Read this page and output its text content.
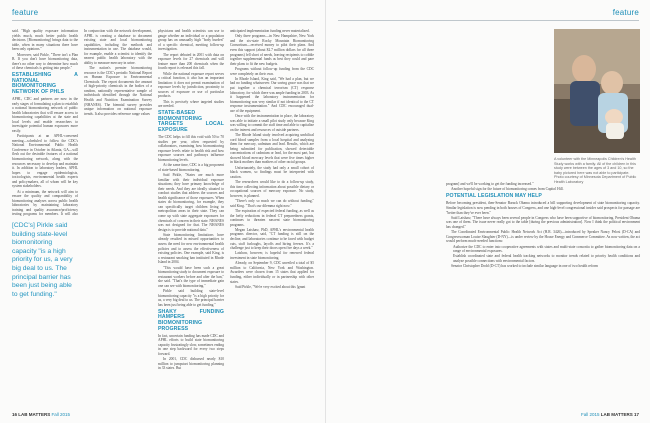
feature

said. "High quality exposure information yields much, much better public health decisions. [Biomonitoring] brings data to the table, when in many situations there have been only opinions."

Moreover, said Pirkle, "There isn't a Plan B. If you don't have biomonitoring data, there's no other way to determine how much of these chemicals is getting into people."

ESTABLISHING A NATIONAL BIOMONITORING NETWORK OF PHLS

APHL, CDC and partners are now in the early stages of formulating a plan to establish a national biomonitoring network of public health laboratories that will ensure access to biomonitoring capabilities at the state and local levels and enable researchers to investigate potential human exposures more easily.

Participants at an APHL-convened meeting—scheduled to follow the CDC's National Environmental Public Health Conference in October in Atlanta, GA—will flesh out the desirable features of a national biomonitoring network, along with the resources necessary to develop and maintain it. In addition to laboratory leaders, APHL hopes to engage epidemiologists, toxicologists, environmental health experts and policymakers, all of whom will be key system stakeholders.

At a minimum, the network will aim to ensure the quality and comparability of biomonitoring analyses across public health laboratories by maintaining laboratory training and quality assurance/proficiency testing programs for members. It will also

[CDC's] Pirkle said building state-level biomonitoring capacity "is a high priority for us, a very big deal to us. The principal barrier has been just being able to get funding."

In conjunction with the network development, APHL is creating a database to document existing state and local biomonitoring capabilities, including the methods and instrumentation in use. The database would, for example, enable a scientist to identify the nearest public health laboratory with the ability to measure mercury in urine.

The nation's premier biomonitoring resource is the CDC's periodic National Report on Human Exposure to Environmental Chemicals. The report documents the amount of high-priority chemicals in the bodies of a random, nationally representative sample of individuals identified through the National Health and Nutrition Examination Survey (NHANES). The biennial survey provides unique information on national exposure trends. It also provides reference range values

physicians and health scientists can use to gauge whether an individual or a population group has an unusually high "body burden" of a specific chemical, meriting follow-up investigation.

The report debuted in 2001 with data on exposure levels for 27 chemicals and will feature more than 200 chemicals when the fourth report is released this fall.

While the national exposure report serves a critical function, it also has an important limitation: it does not permit examination of exposure levels by jurisdiction, proximity to sources of exposure or use of particular products.

This is precisely where targeted studies are needed.

STATE-BASED BIOMONITORING TARGETS LOCAL EXPOSURE

The CDC helps to fill this void with 50 to 70 studies per year, often requested by collaborators, examining how biomonitoring exposure levels relate to health risk and how exposure sources and pathways influence biomonitoring levels.

At the same time, CDC is a big proponent of state-based biomonitoring.

Said Pirkle, "States are much more familiar with their individual exposure situations; they have primary knowledge of their needs. And they are ideally situated to conduct studies that address the sources and health significance of those exposures. When states do biomonitoring, for example, they can specifically target children living in metropolitan areas in their state. They can come up with state aggregate exposures for chemicals of concern in their state. NHANES was not designed for that. The NHANES design is to provide national data."

State biomonitoring limitations have already resulted in missed opportunities to assess the need for new environmental health policies and to assess the effectiveness of existing policies. One example, said King, is a restaurant smoking ban instituted in Rhode Island in 2004.

"This would have been such a great biomonitoring study to document exposure to restaurant workers before and after the ban," she said. "That's the type of immediate gain one can see with biomonitoring."

Pirkle said building state-level biomonitoring capacity "is a high priority for us, a very big deal to us. The principal barrier has been just being able to get funding."

SHAKY FUNDING HAMPERS BIOMONITORING PROGRESS

In fact, uncertain funding has made CDC and APHL efforts to build state biomonitoring capacity frustratingly slow, sometimes ending in one step backward for every two steps forward.

In 2001, CDC disbursed nearly $10 million to jumpstart biomonitoring planning in 33 states. But

anticipated implementation funding never materialized.

Only three programs—in New Hampshire, New York and the six-state Rocky Mountain Biomonitoring Consortium—received money to pilot their plans. And even this support (about $2.7 million dollars for all three programs) fell short of needs, leaving recipients to cobble together supplemental funds as best they could and pare their plans to fit the new budgets.

Programs without follow-up funding from the CDC were completely on their own.

In Rhode Island, King said, "We had a plan, but we had no funding whatsoever. Our saving grace was that we put together a chemical terrorism (CT) response laboratory, for which there was ample funding in 2003. As it happened the laboratory instrumentation for biomonitoring was very similar if not identical to the CT response instrumentation." And CDC encouraged dual-use of the equipment.

Once with the instrumentation in place, the laboratory was able to initiate a small pilot study only because King was willing to commit the staff time and able to capitalize on the interest and resources of outside partners.

The Rhode Island study involved acquiring umbilical cord blood samples from a local hospital and analyzing them for mercury, cadmium and lead. Results, which are being submitted for publication, showed detectable concentrations of cadmium or lead, for the most part, but showed blood mercury levels that were five times higher in black mothers than mothers of other racial groups.

Unfortunately, the study had only a small cohort of black women, so findings must be interpreted with caution.

The researchers would like to do a follow-up study, this time collecting information about possible dietary or occupational sources of mercury exposure. No study, however, is planned.

"There's only so much we can do without funding," said King. "That's our dilemma right now."

The expiration of expected federal funding, as well as the hefty reductions in federal CT preparedness grants, continues to threaten nascent state biomonitoring programs.

Megan Latshaw, PhD, APHL's environmental health programs director, said, "CT funding is still on the decline, and laboratories continue to be faced with budget cuts, staff furloughs, layoffs and hiring freezes. It's a challenge just to keep their doors open five days a week."

Latshaw, however, is hopeful for renewed federal investment in state biomonitoring.

Already, on September 9, CDC unveiled a total of $5 million to California, New York and Washington. Awardees were chosen from 15 states that applied for funding, either individually or in partnership with other states.

Said Pirkle, "We're very excited about this [grant

16 LAB MATTERS Fall 2015
feature

program] and we'll be working to get the funding increased."

Another hopeful sign for the future of biomonitoring comes from Capitol Hill.

POTENTIAL LEGISLATION MAY HELP

Before becoming president, then-Senator Barack Obama introduced a bill supporting development of state biomonitoring capacity. Similar legislation is now pending in both houses of Congress, and one high-level congressional insider said prospects for passage are "better than they've ever been."

Said Latshaw, "There have always been several people in Congress who have been supportive of biomonitoring. President Obama was one of them. The issue never really got to the table [during the previous administration]. Now I think the political environment has changed."

The Coordinated Environmental Public Health Network Act (H.R. 3426)—introduced by Speaker Nancy Pelosi (D-CA) and Congresswoman Louise Slaughter (D-NY)—is under review by the House Energy and Commerce Committee. As now written, the act would perform much-needed functions:

• Authorize the CDC to enter into cooperative agreements with states and multi-state consortia to gather biomonitoring data on a range of environmental exposures.
• Establish coordinated state and federal health tracking networks to monitor trends related to priority health conditions and analyze possible connections with environmental factors.

Senator Christopher Dodd (D-CT) has worked to include similar language in one of two health reform

A volunteer with the Minneapolis Children's Health Study works with a family. All of the children in this study were between the ages of 3 and 10, so the baby pictured here was not able to participate. Photo courtesy of Minnesota Department of Public Health Laboratory
Fall 2015 LAB MATTERS 17
